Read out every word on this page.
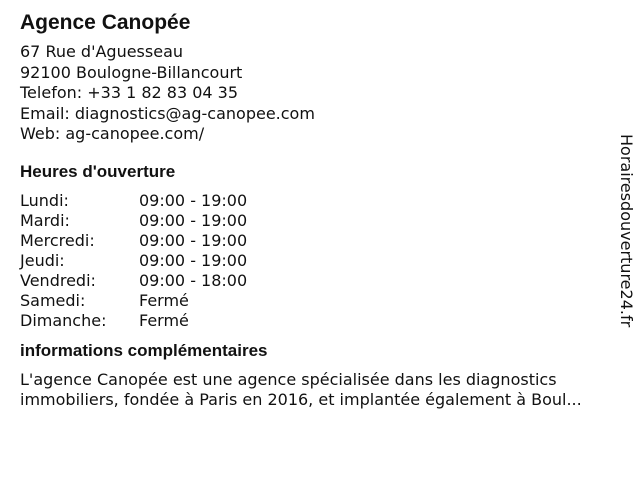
Agence Canopée
67 Rue d'Aguesseau
92100 Boulogne-Billancourt
Telefon: +33 1 82 83 04 35
Email: diagnostics@ag-canopee.com
Web: ag-canopee.com/
Heures d'ouverture
Lundi:	09:00 - 19:00
Mardi:	09:00 - 19:00
Mercredi:	09:00 - 19:00
Jeudi:	09:00 - 19:00
Vendredi:	09:00 - 18:00
Samedi:	Fermé
Dimanche:	Fermé
informations complémentaires

L'agence Canopée est une agence spécialisée dans les diagnostics
immobiliers, fondée à Paris en 2016, et implantée également à Boul...

Horairesdouverture24.fr
